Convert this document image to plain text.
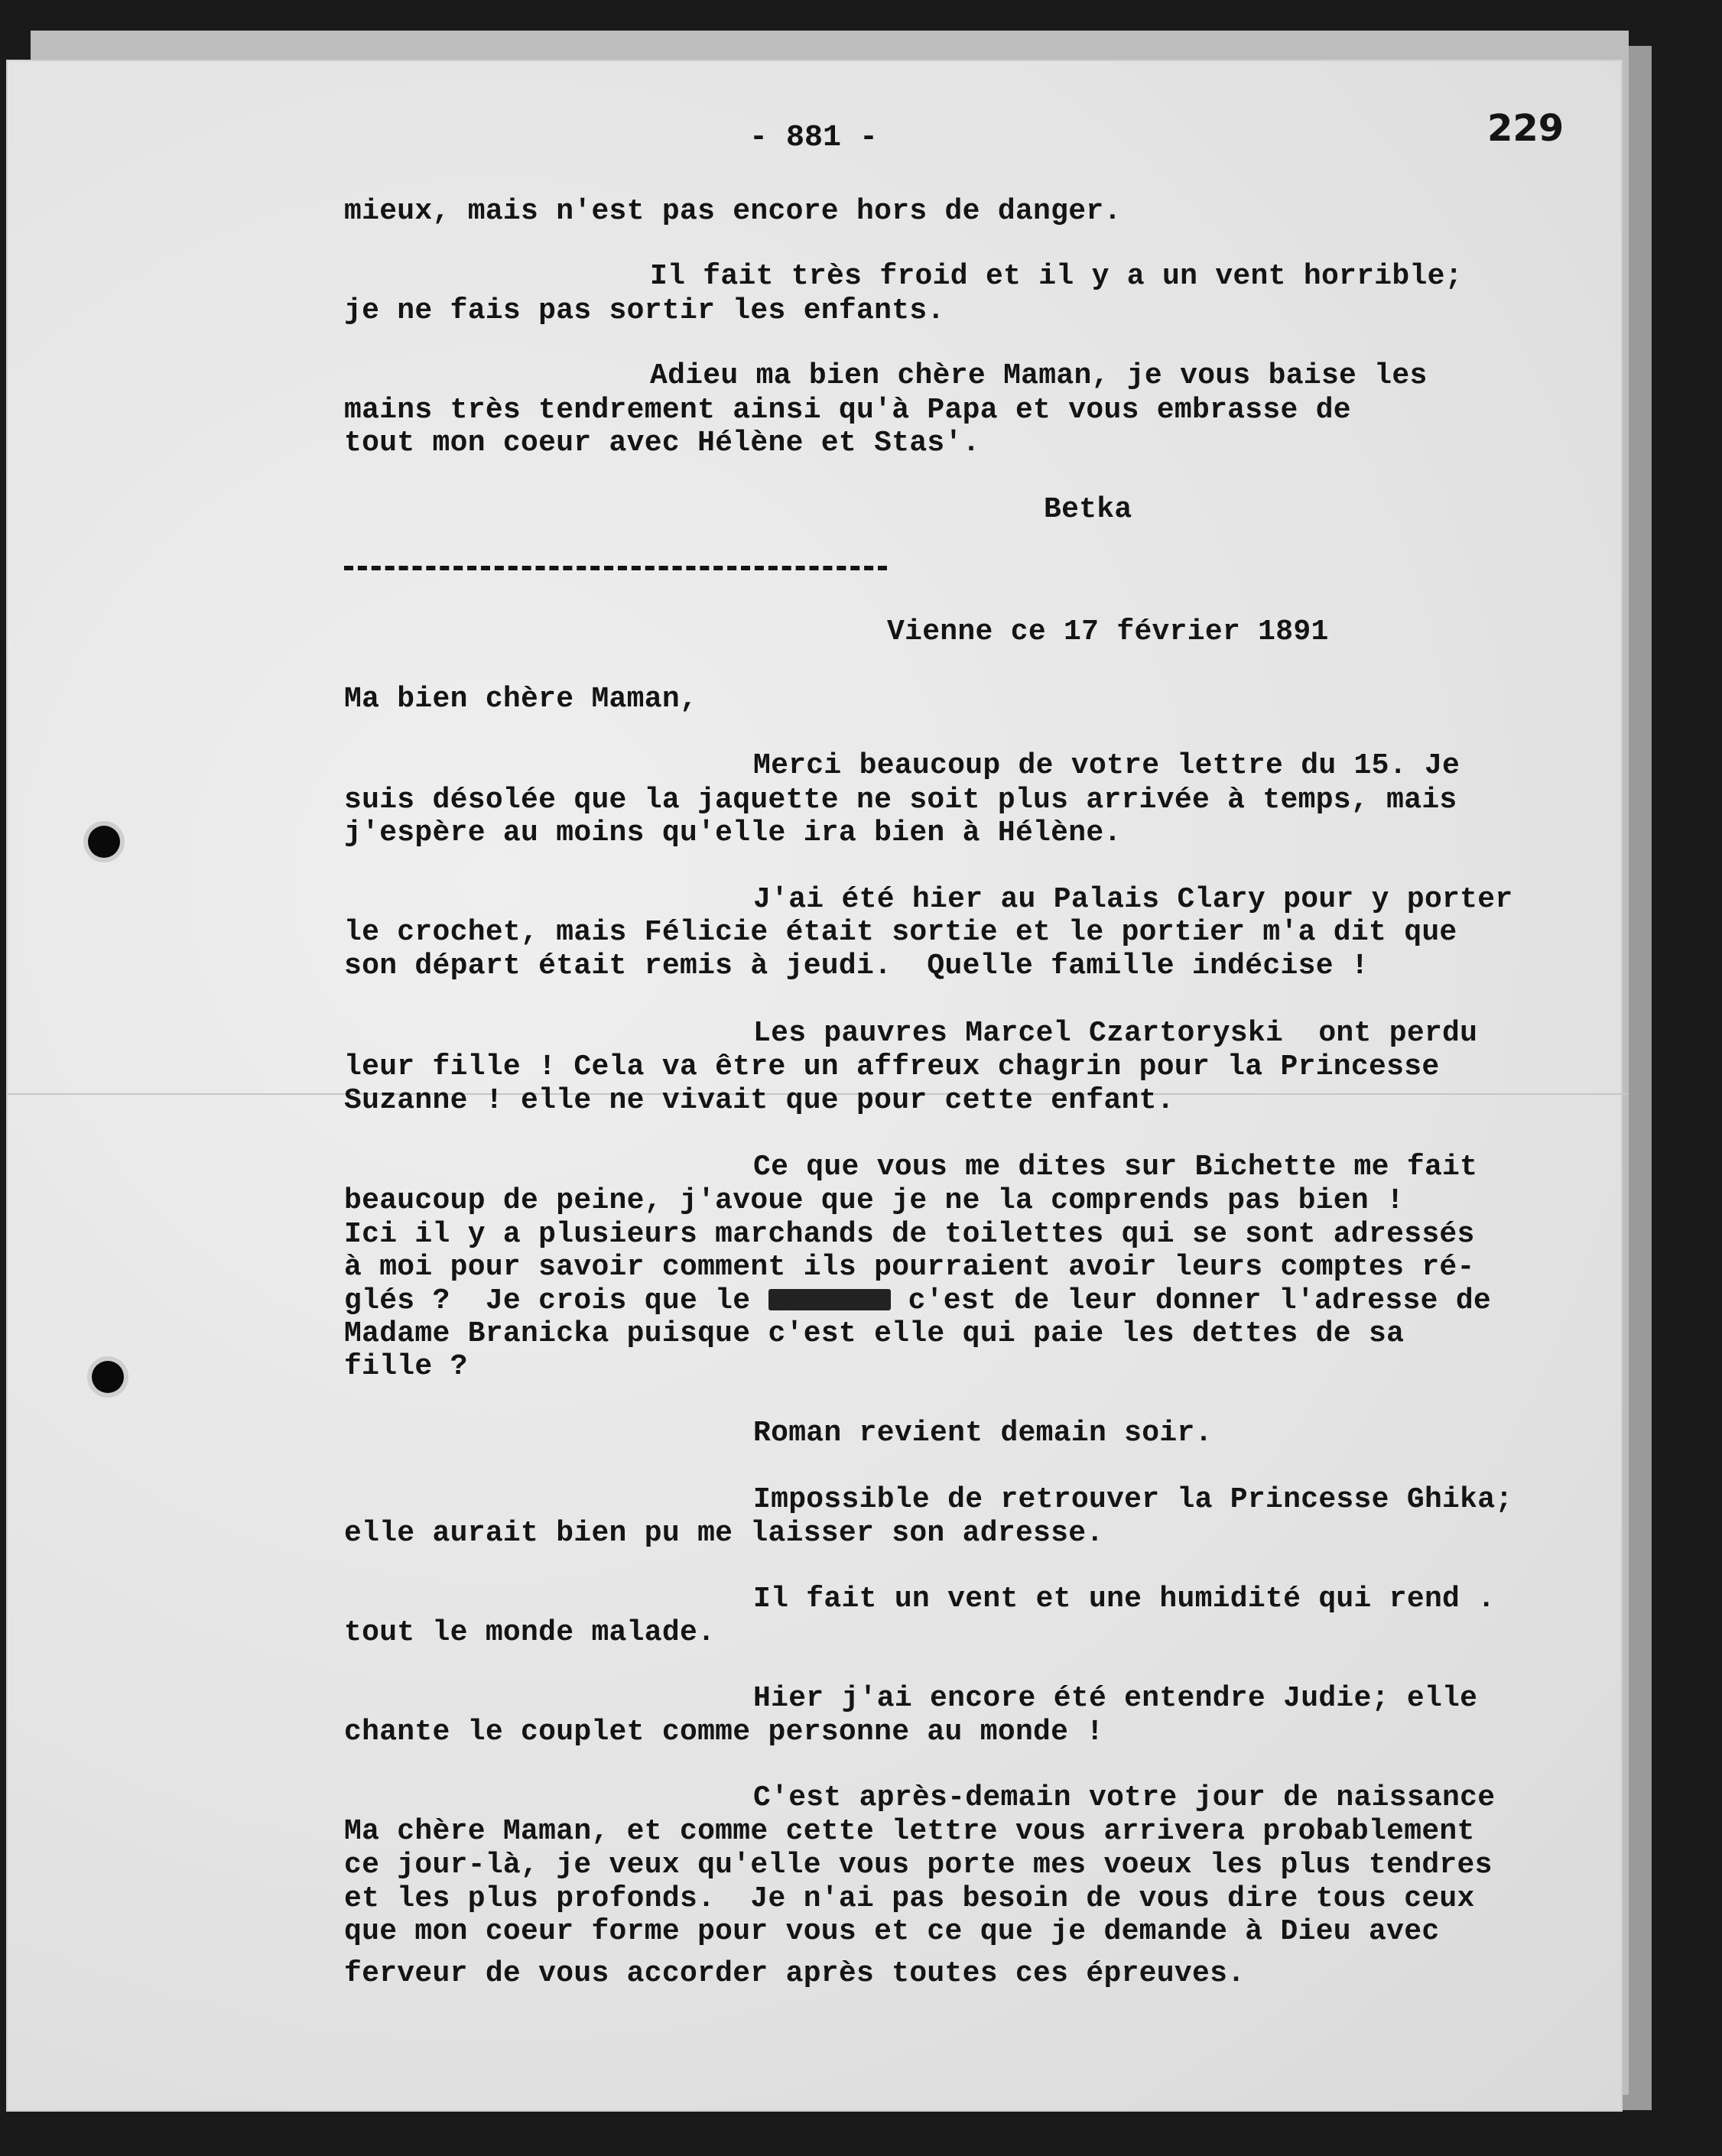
- 881 -	229
mieux, mais n'est pas encore hors de danger.
Il fait très froid et il y a un vent horrible;
je ne fais pas sortir les enfants.
Adieu ma bien chère Maman, je vous baise les
mains très tendrement ainsi qu'à Papa et vous embrasse de
tout mon coeur avec Hélène et Stas'.
Betka
Vienne ce 17 février 1891
Ma bien chère Maman,
Merci beaucoup de votre lettre du 15. Je
suis désolée que la jaquette ne soit plus arrivée à temps, mais
j'espère au moins qu'elle ira bien à Hélène.
J'ai été hier au Palais Clary pour y porter
le crochet, mais Félicie était sortie et le portier m'a dit que
son départ était remis à jeudi.  Quelle famille indécise !
Les pauvres Marcel Czartoryski  ont perdu
leur fille ! Cela va être un affreux chagrin pour la Princesse
Suzanne ! elle ne vivait que pour cette enfant.
Ce que vous me dites sur Bichette me fait
beaucoup de peine, j'avoue que je ne la comprends pas bien !
Ici il y a plusieurs marchands de toilettes qui se sont adressés
à moi pour savoir comment ils pourraient avoir leurs comptes ré-
glés ?  Je crois que le	c'est de leur donner l'adresse de
Madame Branicka puisque c'est elle qui paie les dettes de sa
fille ?
Roman revient demain soir.
Impossible de retrouver la Princesse Ghika;
elle aurait bien pu me laisser son adresse.
Il fait un vent et une humidité qui rend .
tout le monde malade.
Hier j'ai encore été entendre Judie; elle
chante le couplet comme personne au monde !
C'est après-demain votre jour de naissance
Ma chère Maman, et comme cette lettre vous arrivera probablement
ce jour-là, je veux qu'elle vous porte mes voeux les plus tendres
et les plus profonds.  Je n'ai pas besoin de vous dire tous ceux
que mon coeur forme pour vous et ce que je demande à Dieu avec
ferveur de vous accorder après toutes ces épreuves.
